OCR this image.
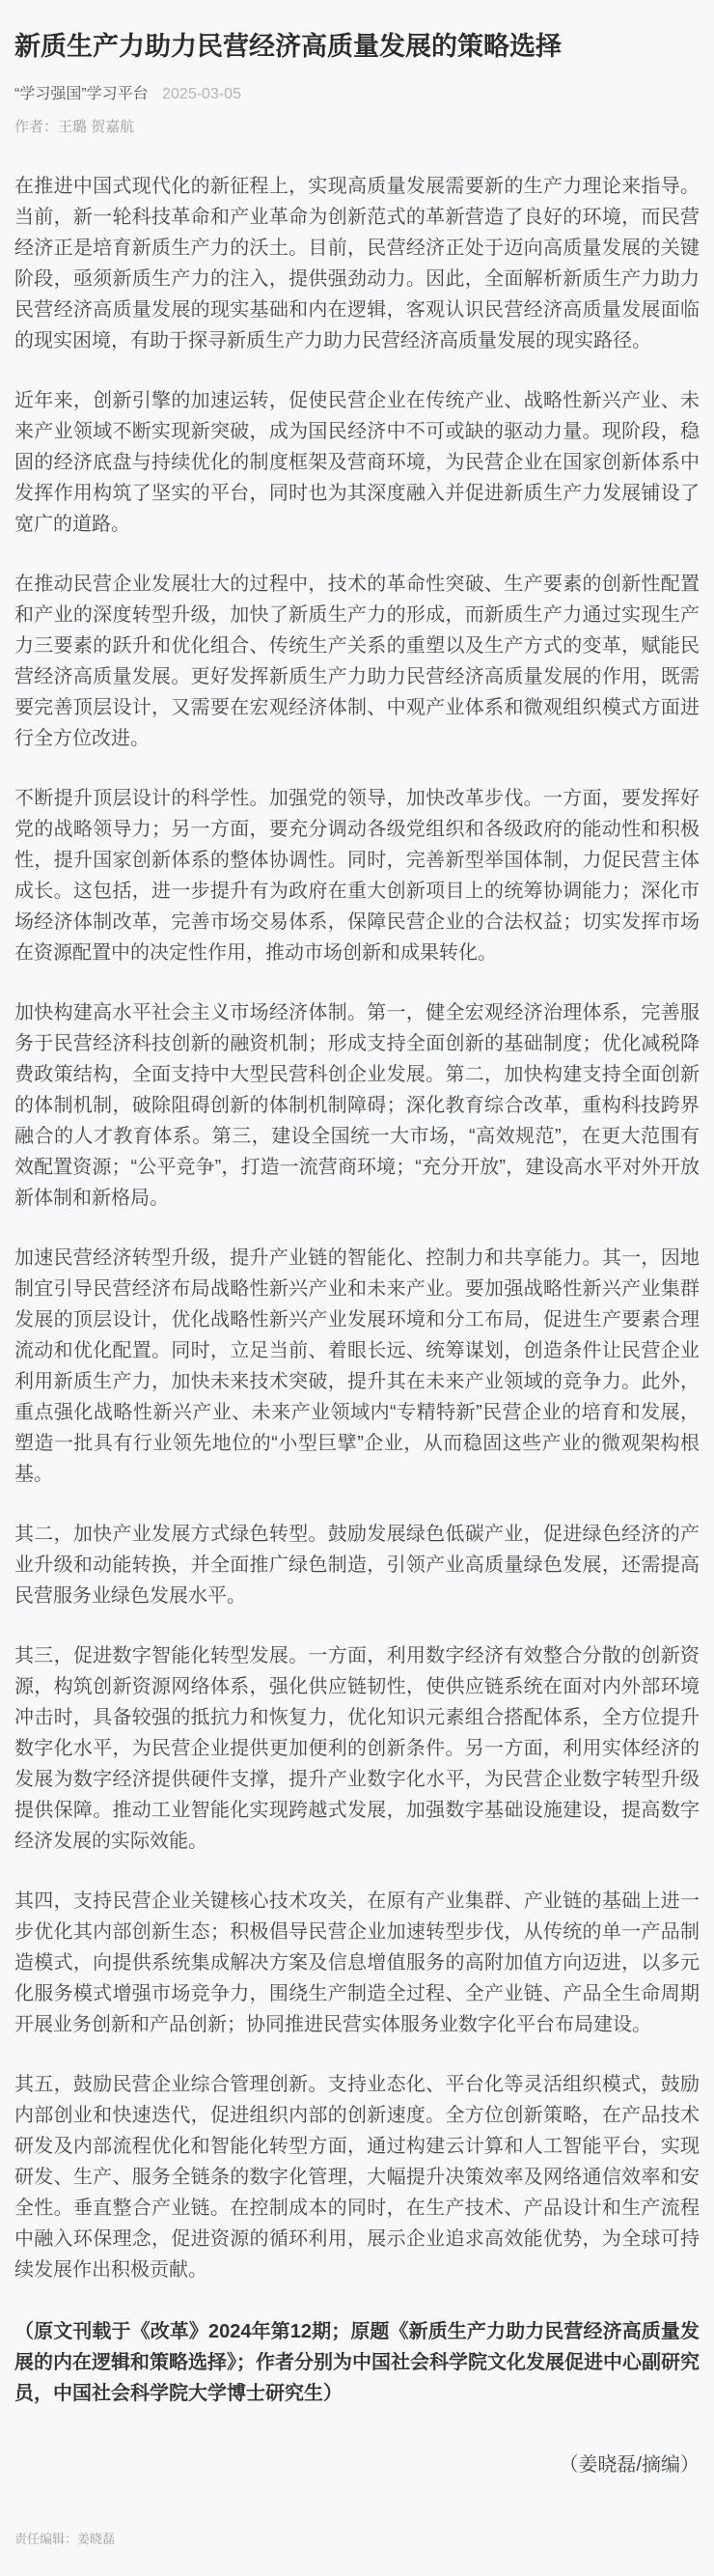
新质生产力助力民营经济高质量发展的策略选择
“学习强国”学习平台 2025-03-05
作者：王璐 贺嘉航

在推进中国式现代化的新征程上，实现高质量发展需要新的生产力理论来指导。当前，新一轮科技革命和产业革命为创新范式的革新营造了良好的环境，而民营经济正是培育新质生产力的沃土。目前，民营经济正处于迈向高质量发展的关键阶段，亟须新质生产力的注入，提供强劲动力。因此，全面解析新质生产力助力民营经济高质量发展的现实基础和内在逻辑，客观认识民营经济高质量发展面临的现实困境，有助于探寻新质生产力助力民营经济高质量发展的现实路径。

近年来，创新引擎的加速运转，促使民营企业在传统产业、战略性新兴产业、未来产业领域不断实现新突破，成为国民经济中不可或缺的驱动力量。现阶段，稳固的经济底盘与持续优化的制度框架及营商环境，为民营企业在国家创新体系中发挥作用构筑了坚实的平台，同时也为其深度融入并促进新质生产力发展铺设了宽广的道路。

在推动民营企业发展壮大的过程中，技术的革命性突破、生产要素的创新性配置和产业的深度转型升级，加快了新质生产力的形成，而新质生产力通过实现生产力三要素的跃升和优化组合、传统生产关系的重塑以及生产方式的变革，赋能民营经济高质量发展。更好发挥新质生产力助力民营经济高质量发展的作用，既需要完善顶层设计，又需要在宏观经济体制、中观产业体系和微观组织模式方面进行全方位改进。

不断提升顶层设计的科学性。加强党的领导，加快改革步伐。一方面，要发挥好党的战略领导力；另一方面，要充分调动各级党组织和各级政府的能动性和积极性，提升国家创新体系的整体协调性。同时，完善新型举国体制，力促民营主体成长。这包括，进一步提升有为政府在重大创新项目上的统筹协调能力；深化市场经济体制改革，完善市场交易体系，保障民营企业的合法权益；切实发挥市场在资源配置中的决定性作用，推动市场创新和成果转化。

加快构建高水平社会主义市场经济体制。第一，健全宏观经济治理体系，完善服务于民营经济科技创新的融资机制；形成支持全面创新的基础制度；优化减税降费政策结构，全面支持中大型民营科创企业发展。第二，加快构建支持全面创新的体制机制，破除阻碍创新的体制机制障碍；深化教育综合改革，重构科技跨界融合的人才教育体系。第三，建设全国统一大市场，“高效规范”，在更大范围有效配置资源；“公平竞争”，打造一流营商环境；“充分开放”，建设高水平对外开放新体制和新格局。

加速民营经济转型升级，提升产业链的智能化、控制力和共享能力。其一，因地制宜引导民营经济布局战略性新兴产业和未来产业。要加强战略性新兴产业集群发展的顶层设计，优化战略性新兴产业发展环境和分工布局，促进生产要素合理流动和优化配置。同时，立足当前、着眼长远、统筹谋划，创造条件让民营企业利用新质生产力，加快未来技术突破，提升其在未来产业领域的竞争力。此外，重点强化战略性新兴产业、未来产业领域内“专精特新”民营企业的培育和发展，塑造一批具有行业领先地位的“小型巨擘”企业，从而稳固这些产业的微观架构根基。

其二，加快产业发展方式绿色转型。鼓励发展绿色低碳产业，促进绿色经济的产业升级和动能转换，并全面推广绿色制造，引领产业高质量绿色发展，还需提高民营服务业绿色发展水平。

其三，促进数字智能化转型发展。一方面，利用数字经济有效整合分散的创新资源，构筑创新资源网络体系，强化供应链韧性，使供应链系统在面对内外部环境冲击时，具备较强的抵抗力和恢复力，优化知识元素组合搭配体系，全方位提升数字化水平，为民营企业提供更加便利的创新条件。另一方面，利用实体经济的发展为数字经济提供硬件支撑，提升产业数字化水平，为民营企业数字转型升级提供保障。推动工业智能化实现跨越式发展，加强数字基础设施建设，提高数字经济发展的实际效能。

其四，支持民营企业关键核心技术攻关，在原有产业集群、产业链的基础上进一步优化其内部创新生态；积极倡导民营企业加速转型步伐，从传统的单一产品制造模式，向提供系统集成解决方案及信息增值服务的高附加值方向迈进，以多元化服务模式增强市场竞争力，围绕生产制造全过程、全产业链、产品全生命周期开展业务创新和产品创新；协同推进民营实体服务业数字化平台布局建设。

其五，鼓励民营企业综合管理创新。支持业态化、平台化等灵活组织模式，鼓励内部创业和快速迭代，促进组织内部的创新速度。全方位创新策略，在产品技术研发及内部流程优化和智能化转型方面，通过构建云计算和人工智能平台，实现研发、生产、服务全链条的数字化管理，大幅提升决策效率及网络通信效率和安全性。垂直整合产业链。在控制成本的同时，在生产技术、产品设计和生产流程中融入环保理念，促进资源的循环利用，展示企业追求高效能优势，为全球可持续发展作出积极贡献。

（原文刊载于《改革》2024年第12期；原题《新质生产力助力民营经济高质量发展的内在逻辑和策略选择》；作者分别为中国社会科学院文化发展促进中心副研究员，中国社会科学院大学博士研究生）

（姜晓磊/摘编）
责任编辑：姜晓磊
